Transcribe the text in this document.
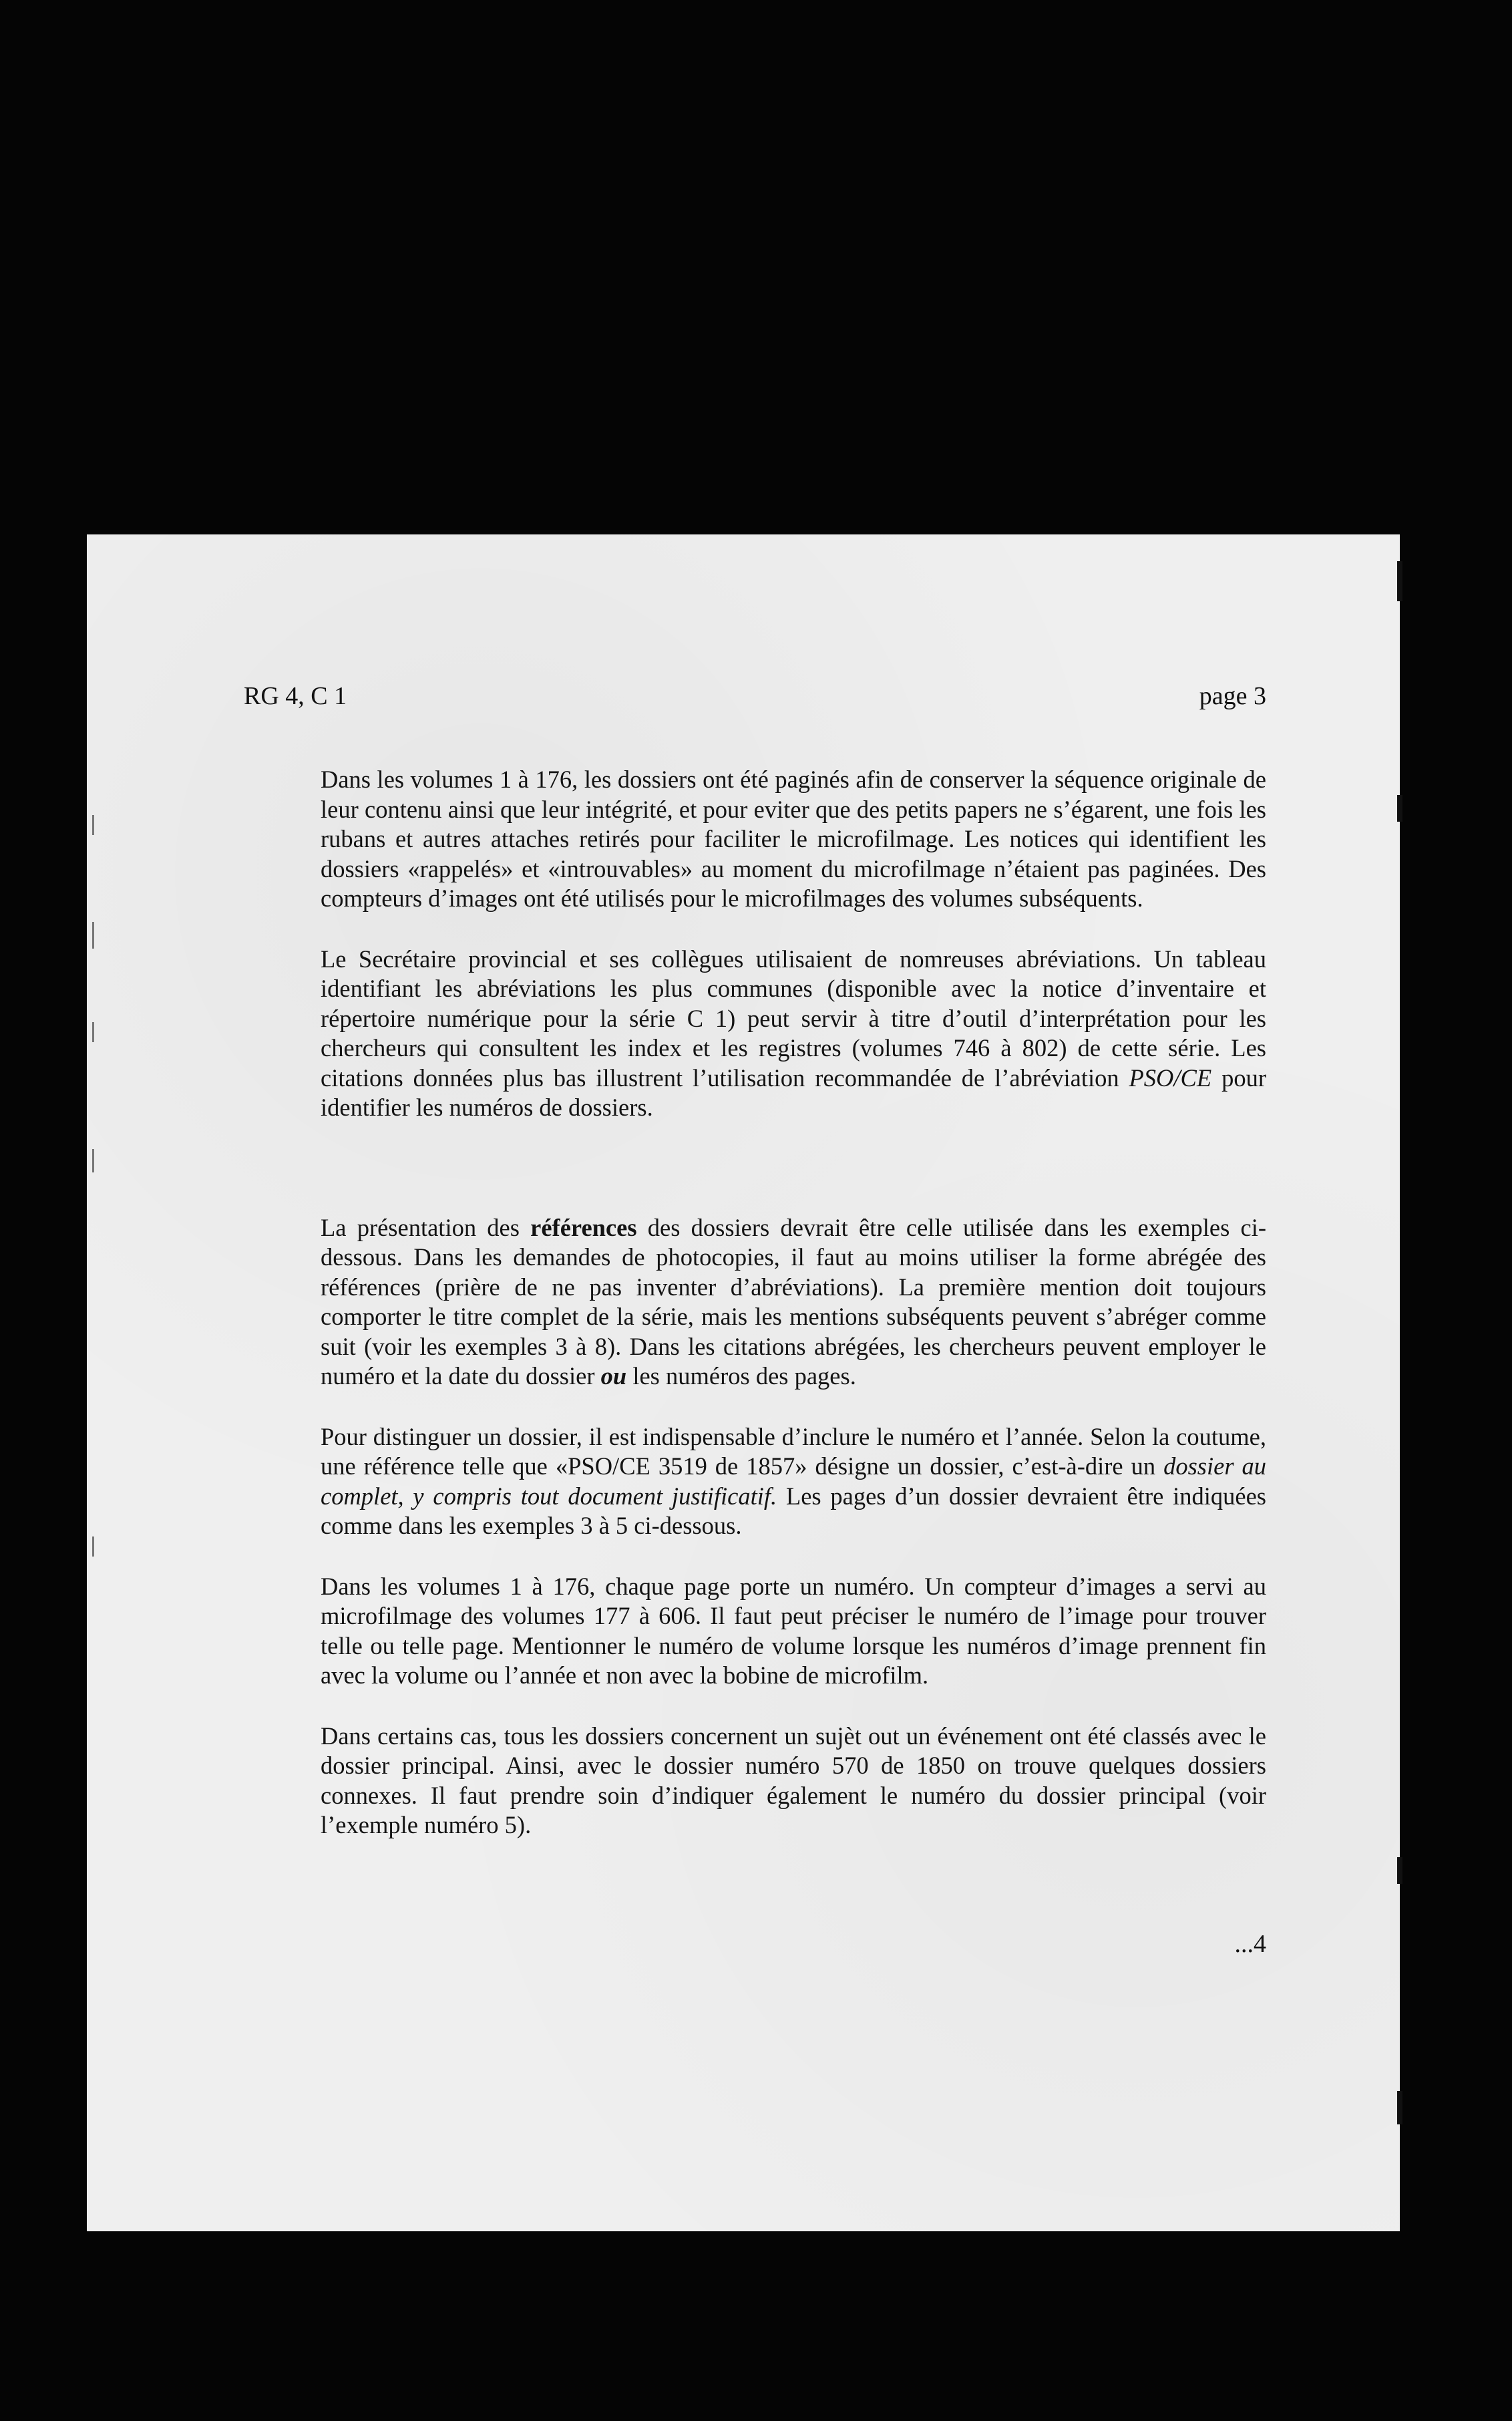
RG 4, C 1	page 3

Dans les volumes 1 à 176, les dossiers ont été paginés afin de conserver la séquence originale de leur contenu ainsi que leur intégrité, et pour eviter que des petits papers ne s’égarent, une fois les rubans et autres attaches retirés pour faciliter le microfilmage. Les notices qui identifient les dossiers «rappelés» et «introuvables» au moment du microfilmage n’étaient pas paginées. Des compteurs d’images ont été utilisés pour le microfilmages des volumes subséquents.

Le Secrétaire provincial et ses collègues utilisaient de nomreuses abréviations. Un tableau identifiant les abréviations les plus communes (disponible avec la notice d’inventaire et répertoire numérique pour la série C 1) peut servir à titre d’outil d’interprétation pour les chercheurs qui consultent les index et les registres (volumes 746 à 802) de cette série. Les citations données plus bas illustrent l’utilisation recommandée de l’abréviation PSO/CE pour identifier les numéros de dossiers.

La présentation des références des dossiers devrait être celle utilisée dans les exemples ci-dessous. Dans les demandes de photocopies, il faut au moins utiliser la forme abrégée des références (prière de ne pas inventer d’abréviations). La première mention doit toujours comporter le titre complet de la série, mais les mentions subséquents peuvent s’abréger comme suit (voir les exemples 3 à 8). Dans les citations abrégées, les chercheurs peuvent employer le numéro et la date du dossier ou les numéros des pages.

Pour distinguer un dossier, il est indispensable d’inclure le numéro et l’année. Selon la coutume, une référence telle que «PSO/CE 3519 de 1857» désigne un dossier, c’est-à-dire un dossier au complet, y compris tout document justificatif. Les pages d’un dossier devraient être indiquées comme dans les exemples 3 à 5 ci-dessous.

Dans les volumes 1 à 176, chaque page porte un numéro. Un compteur d’images a servi au microfilmage des volumes 177 à 606. Il faut peut préciser le numéro de l’image pour trouver telle ou telle page. Mentionner le numéro de volume lorsque les numéros d’image prennent fin avec la volume ou l’année et non avec la bobine de microfilm.

Dans certains cas, tous les dossiers concernent un sujèt out un événement ont été classés avec le dossier principal. Ainsi, avec le dossier numéro 570 de 1850 on trouve quelques dossiers connexes. Il faut prendre soin d’indiquer également le numéro du dossier principal (voir l’exemple numéro 5).

...4
